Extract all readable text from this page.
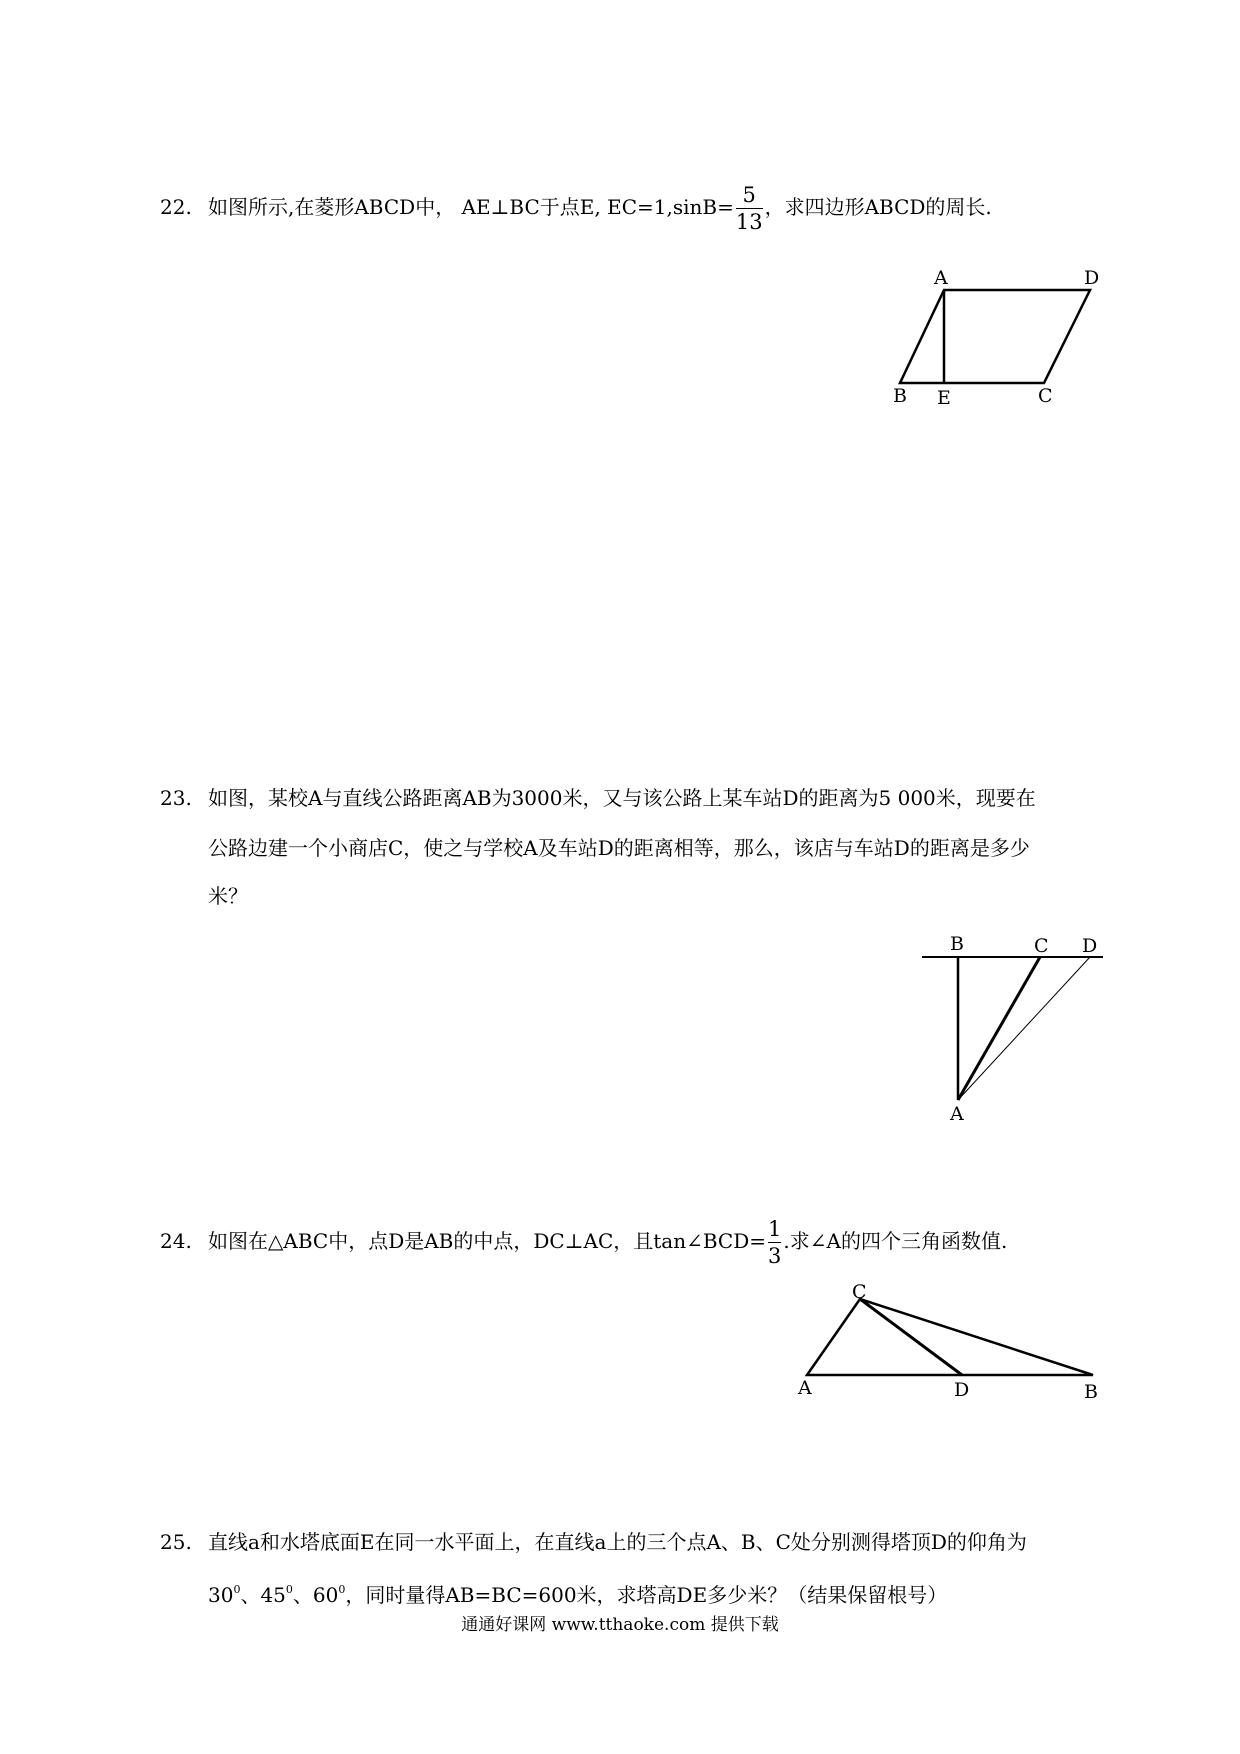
22. 如图所示,在菱形ABCD中， AE⊥BC于点E, $EC=1,\sin B= \frac{5}{13}$ ，求四边形ABCD的周长.
A	D
B E	C
23. 如图，某校A与直线公路距离AB为3000米，又与该公路上某车站D的距离为5 000米，现要在
公路边建一个小商店C，使之与学校A及车站D的距离相等，那么，该店与车站D的距离是多少
米？
B	C D
A
24. 如图在△ABC中，点D是AB的中点，DC⊥AC，且tan∠BCD= $\frac{1}{3}$ .求∠A的四个三角函数值.
C
A	D	B
25. 直线a和水塔底面E在同一水平面上，在直线a上的三个点A、B、C处分别测得塔顶D的仰角为
$30^0$、$45^0$、$60^0$，同时量得AB=BC=600米，求塔高DE多少米？（结果保留根号）
通通好课网 www.tthaoke.com 提供下载
